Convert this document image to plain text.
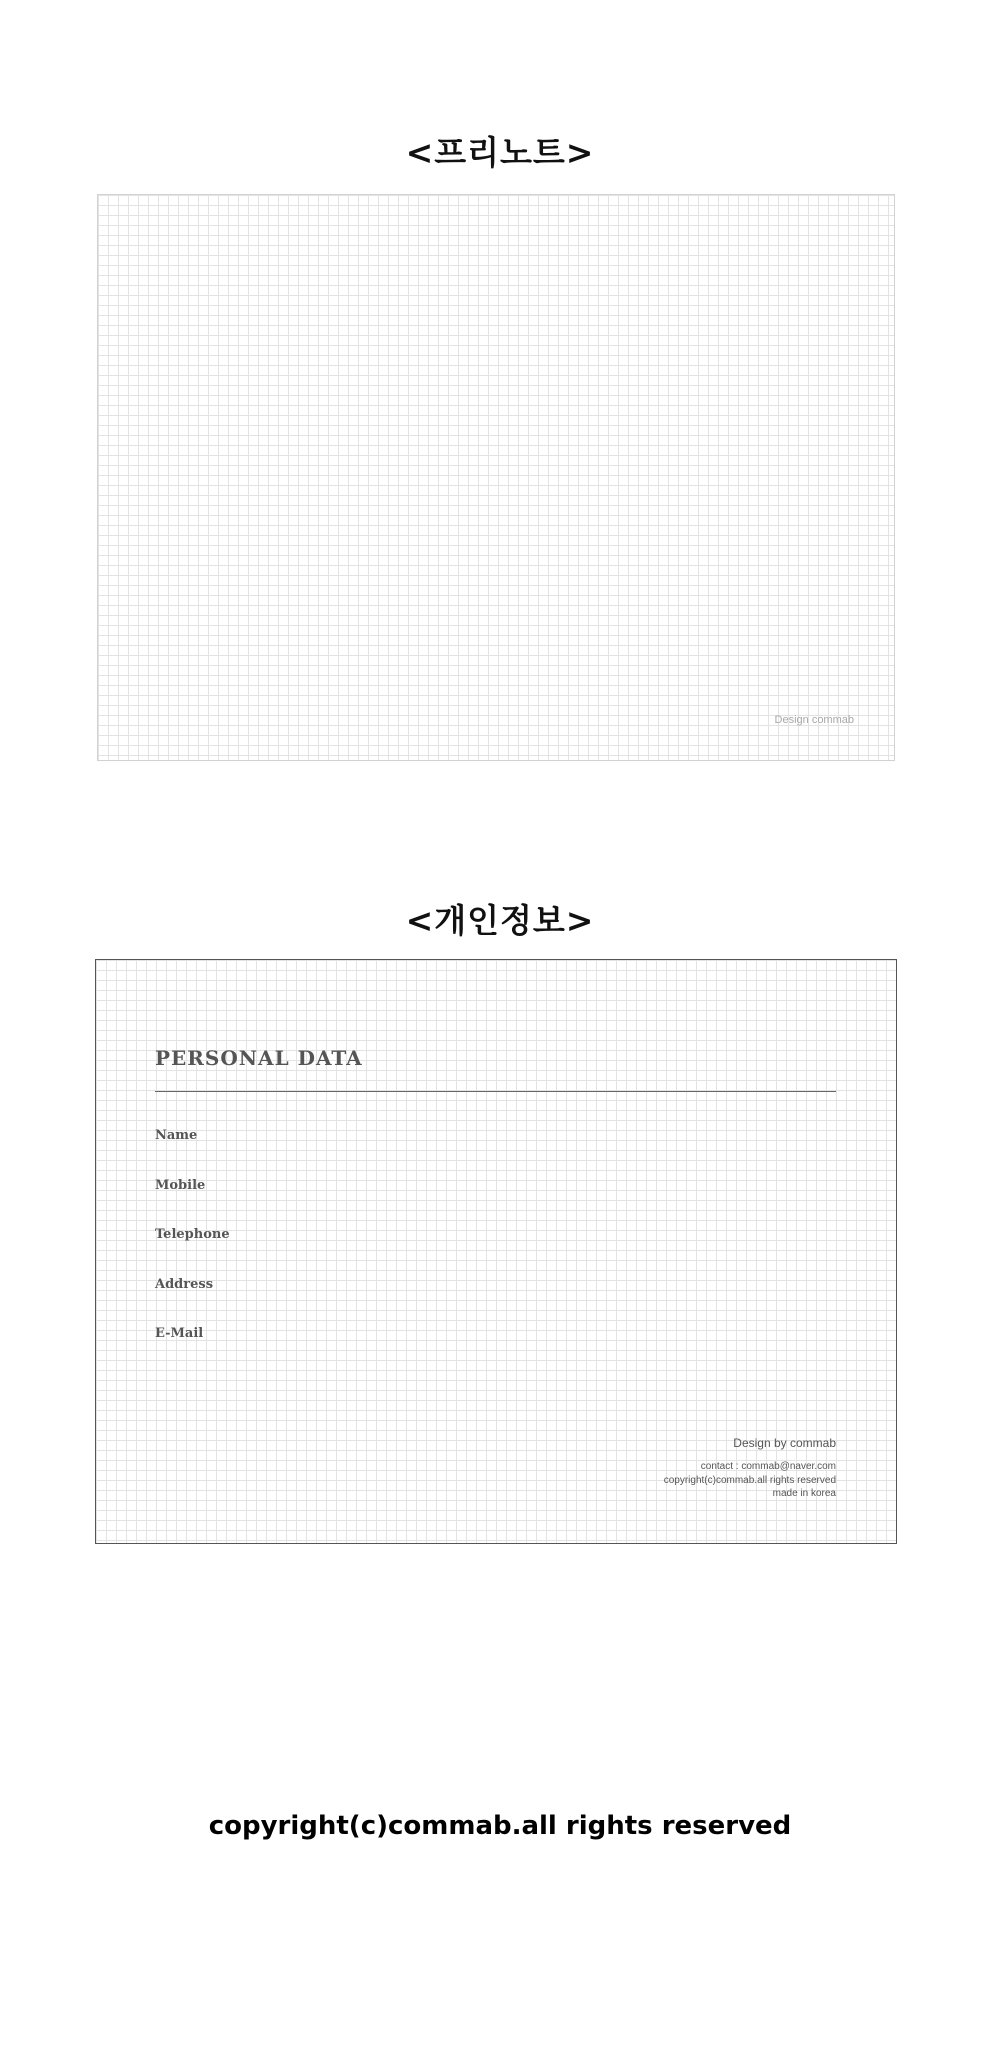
<프리노트>
Design commab
<개인정보>
PERSONAL DATA
Name
Mobile
Telephone
Address
E-Mail
Design by commab
contact : commab@naver.com
copyright(c)commab.all rights reserved
made in korea
copyright(c)commab.all rights reserved
